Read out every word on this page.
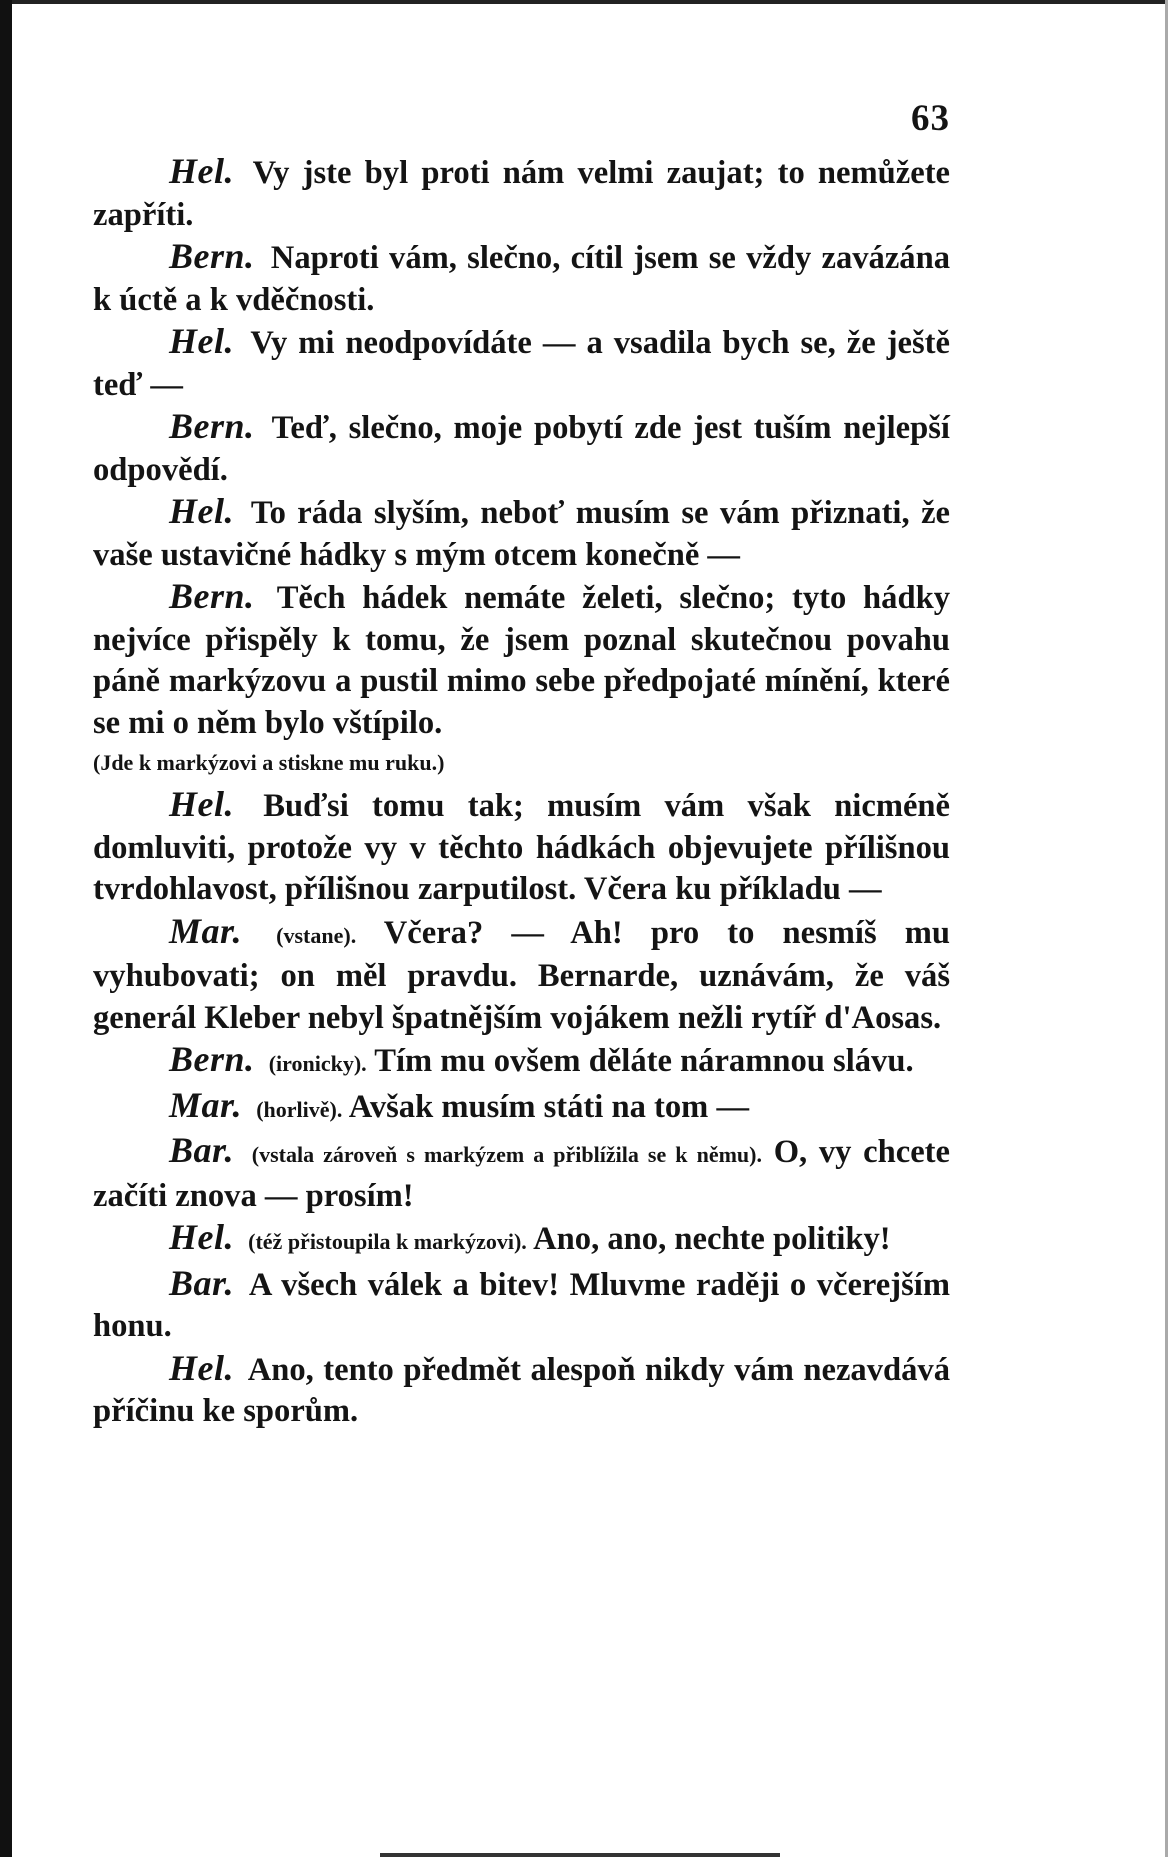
63

Hel. Vy jste byl proti nám velmi zaujat; to nemůžete zapříti.

Bern. Naproti vám, slečno, cítil jsem se vždy zavázána k úctě a k vděčnosti.

Hel. Vy mi neodpovídáte — a vsadila bych se, že ještě teď —

Bern. Teď, slečno, moje pobytí zde jest tuším nejlepší odpovědí.

Hel. To ráda slyším, neboť musím se vám přiznati, že vaše ustavičné hádky s mým otcem konečně —

Bern. Těch hádek nemáte želeti, slečno; tyto hádky nejvíce přispěly k tomu, že jsem poznal skutečnou povahu páně markýzovu a pustil mimo sebe předpojaté mínění, které se mi o něm bylo vštípilo.

(Jde k markýzovi a stiskne mu ruku.)

Hel. Buďsi tomu tak; musím vám však nicméně domluviti, protože vy v těchto hádkách objevujete přílišnou tvrdohlavost, přílišnou zarputilost. Včera ku příkladu —

Mar. (vstane). Včera? — Ah! pro to nesmíš mu vyhubovati; on měl pravdu. Bernarde, uznávám, že váš generál Kleber nebyl špatnějším vojákem nežli rytíř d'Aosas.

Bern. (ironicky). Tím mu ovšem děláte náramnou slávu.

Mar. (horlivě). Avšak musím státi na tom —

Bar. (vstala zároveň s markýzem a přiblížila se k němu). O, vy chcete začíti znova — prosím!

Hel. (též přistoupila k markýzovi). Ano, ano, nechte politiky!

Bar. A všech válek a bitev! Mluvme raději o včerejším honu.

Hel. Ano, tento předmět alespoň nikdy vám nezavdává příčinu ke sporům.
